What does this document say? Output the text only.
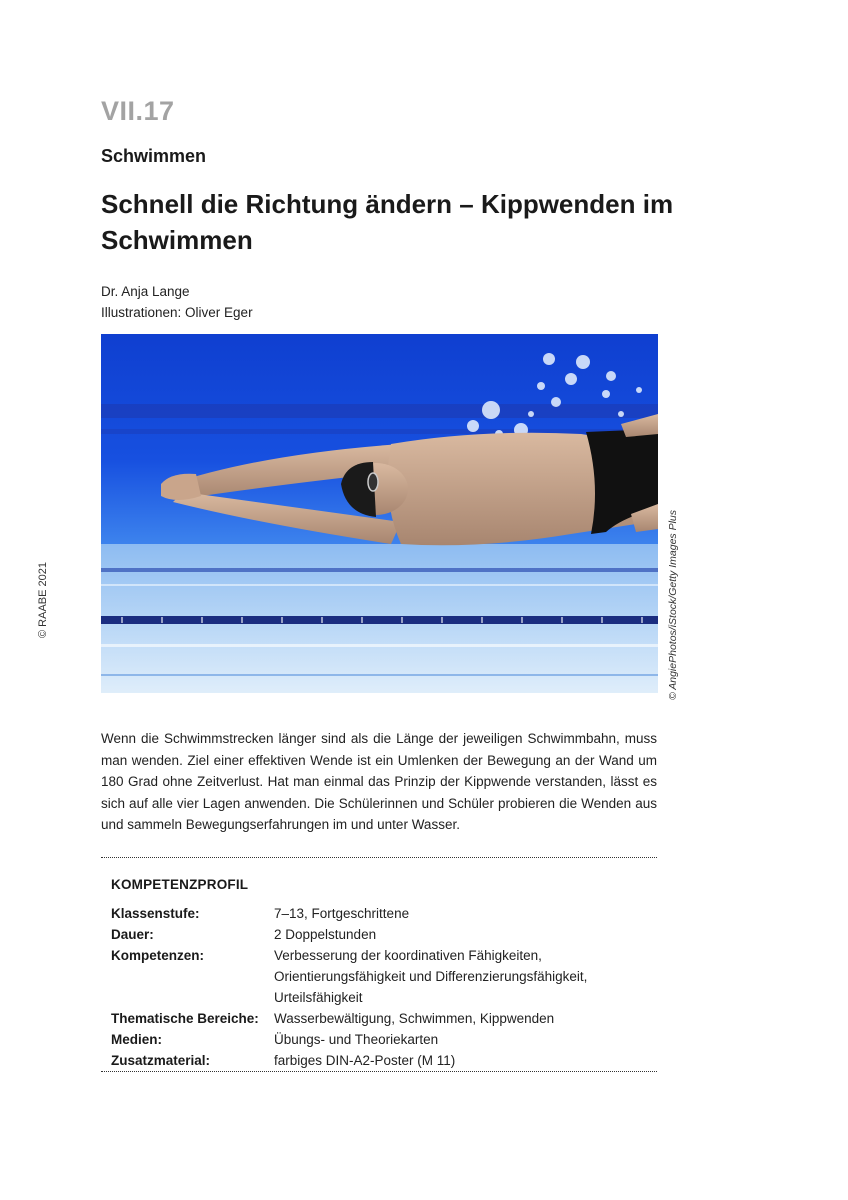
VII.17
Schwimmen
Schnell die Richtung ändern – Kippwenden im Schwimmen
Dr. Anja Lange
Illustrationen: Oliver Eger
© RAABE 2021	© AngiePhotos/iStock/Getty Images Plus
Wenn die Schwimmstrecken länger sind als die Länge der jeweiligen Schwimmbahn, muss man wenden. Ziel einer effektiven Wende ist ein Umlenken der Bewegung an der Wand um 180 Grad ohne Zeitverlust. Hat man einmal das Prinzip der Kippwende verstanden, lässt es sich auf alle vier Lagen anwenden. Die Schülerinnen und Schüler probieren die Wenden aus und sammeln Bewegungserfahrungen im und unter Wasser.
KOMPETENZPROFIL
Klassenstufe:	7–13, Fortgeschrittene
Dauer:	2 Doppelstunden
Kompetenzen:	Verbesserung der koordinativen Fähigkeiten, Orientierungsfähigkeit und Differenzierungsfähigkeit, Urteilsfähigkeit
Thematische Bereiche:	Wasserbewältigung, Schwimmen, Kippwenden
Medien:	Übungs- und Theoriekarten
Zusatzmaterial:	farbiges DIN-A2-Poster (M 11)
